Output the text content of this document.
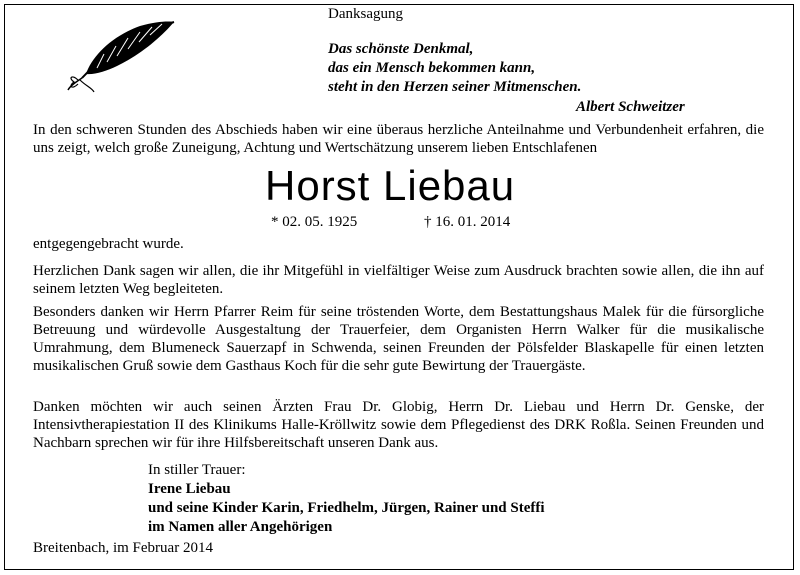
Danksagung
Das schönste Denkmal,
das ein Mensch bekommen kann,
steht in den Herzen seiner Mitmenschen.
Albert Schweitzer
In den schweren Stunden des Abschieds haben wir eine überaus herzliche Anteilnahme und Verbundenheit erfahren, die uns zeigt, welch große Zuneigung, Achtung und Wertschätzung unserem lieben Entschlafenen
Horst Liebau
* 02. 05. 1925	† 16. 01. 2014
entgegengebracht wurde.
Herzlichen Dank sagen wir allen, die ihr Mitgefühl in vielfältiger Weise zum Ausdruck brachten sowie allen, die ihn auf seinem letzten Weg begleiteten.
Besonders danken wir Herrn Pfarrer Reim für seine tröstenden Worte, dem Bestattungshaus Malek für die fürsorgliche Betreuung und würdevolle Ausgestaltung der Trauerfeier, dem Organisten Herrn Walker für die musikalische Umrahmung, dem Blumeneck Sauerzapf in Schwenda, seinen Freunden der Pölsfelder Blaskapelle für einen letzten musikalischen Gruß sowie dem Gasthaus Koch für die sehr gute Bewirtung der Trauergäste.
Danken möchten wir auch seinen Ärzten Frau Dr. Globig, Herrn Dr. Liebau und Herrn Dr. Genske, der Intensivtherapiestation II des Klinikums Halle-Kröllwitz sowie dem Pflegedienst des DRK Roßla. Seinen Freunden und Nachbarn sprechen wir für ihre Hilfsbereitschaft unseren Dank aus.
In stiller Trauer:
Irene Liebau
und seine Kinder Karin, Friedhelm, Jürgen, Rainer und Steffi
im Namen aller Angehörigen
Breitenbach, im Februar 2014
